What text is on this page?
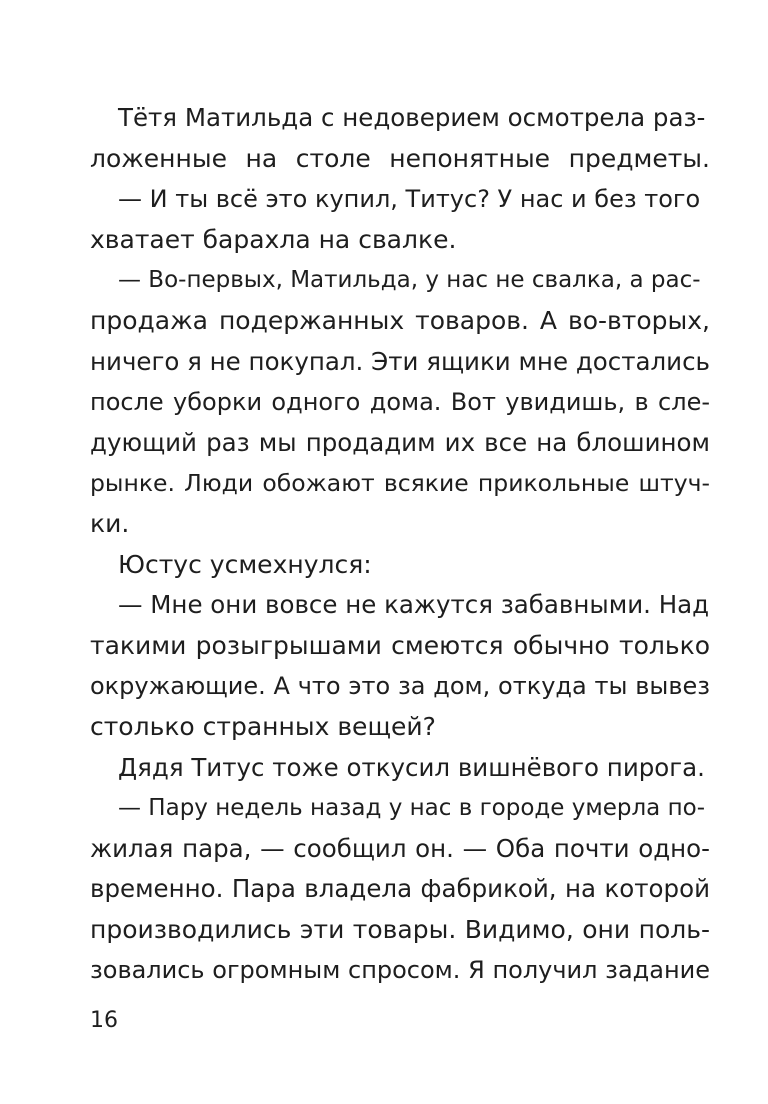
Тётя Матильда с недоверием осмотрела раз-
ложенные на столе непонятные предметы.
— И ты всё это купил, Титус? У нас и без того
хватает барахла на свалке.
— Во-первых, Матильда, у нас не свалка, а рас-
продажа подержанных товаров. А во-вторых,
ничего я не покупал. Эти ящики мне достались
после уборки одного дома. Вот увидишь, в сле-
дующий раз мы продадим их все на блошином
рынке. Люди обожают всякие прикольные штуч-
ки.
Юстус усмехнулся:
— Мне они вовсе не кажутся забавными. Над
такими розыгрышами смеются обычно только
окружающие. А что это за дом, откуда ты вывез
столько странных вещей?
Дядя Титус тоже откусил вишнёвого пирога.
— Пару недель назад у нас в городе умерла по-
жилая пара, — сообщил он. — Оба почти одно-
временно. Пара владела фабрикой, на которой
производились эти товары. Видимо, они поль-
зовались огромным спросом. Я получил задание
16
